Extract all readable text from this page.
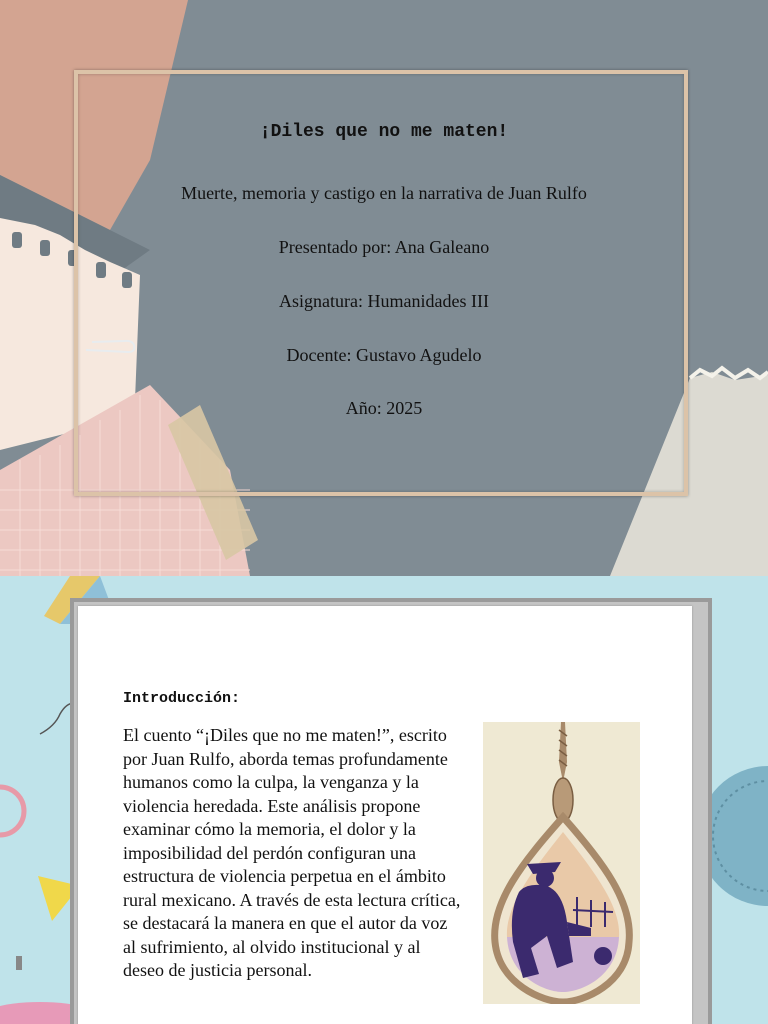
¡Diles que no me maten!
Muerte, memoria y castigo en la narrativa de Juan Rulfo
Presentado por: Ana Galeano
Asignatura: Humanidades III
Docente: Gustavo Agudelo
Año: 2025
Introducción:

El cuento “¡Diles que no me maten!”, escrito por Juan Rulfo, aborda temas profundamente humanos como la culpa, la venganza y la violencia heredada. Este análisis propone examinar cómo la memoria, el dolor y la imposibilidad del perdón configuran una estructura de violencia perpetua en el ámbito rural mexicano. A través de esta lectura crítica, se destacará la manera en que el autor da voz al sufrimiento, al olvido institucional y al deseo de justicia personal.
